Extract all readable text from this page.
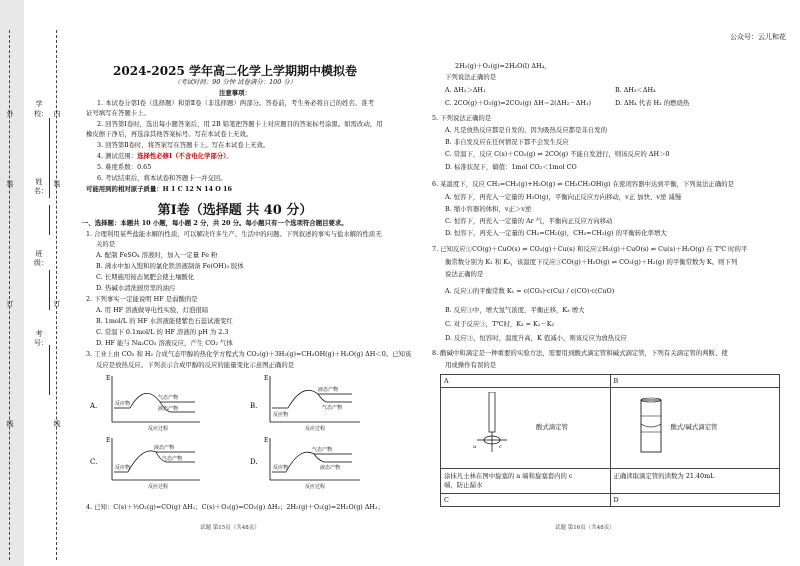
学
校：
姓名：
班级：
考号：
外
装
订
线
内
装
订
线
公众号：云儿和花
2024-2025 学年高二化学上学期期中模拟卷
（考试时间：90 分钟 试卷满分：100 分）
注意事项：
1. 本试卷分第Ⅰ卷（选择题）和第Ⅱ卷（非选择题）两部分。答卷前，考生务必将自己的姓名、准考
证号填写在答题卡上。
2. 回答第Ⅰ卷时，选出每小题答案后，用 2B 铅笔把答题卡上对应题目的答案标号涂黑。如需改动，用
橡皮擦干净后，再选涂其他答案标号。写在本试卷上无效。
3. 回答第Ⅱ卷时，将答案写在答题卡上。写在本试卷上无效。
4. 测试范围：选择性必修Ⅰ（不含电化学部分）。
5. 难度系数：0.65
6. 考试结束后，将本试卷和答题卡一并交回。
可能用到的相对原子质量：H 1 C 12 N 14 O 16
第Ⅰ卷（选择题 共 40 分）
一、选择题：本题共 10 小题，每小题 2 分，共 20 分。每小题只有一个选项符合题目要求。
1. 合理利用某些盐能水解的性质，可以解决许多生产、生活中的问题。下列叙述的事实与盐水解的性质无
关的是
A. 配制 FeSO₄ 溶液时，加入一定量 Fe 粉
B. 沸水中加入饱和的氯化铁溶液制备 Fe(OH)₃ 胶体
C. 长期施用铵态氮肥会使土壤酸化
D. 热碱水清洗厨房里的油污
2. 下列事实一定能说明 HF 是弱酸的是
A. 用 HF 溶液做导电性实验，灯泡很暗
B. 1mol/L 的 HF 水溶液能使紫色石蕊试液变红
C. 常温下 0.1mol/L 的 HF 溶液的 pH 为 2.3
D. HF 能与 Na₂CO₃ 溶液反应，产生 CO₂ 气体
3. 工业上由 CO₂ 和 H₂ 合成气态甲醇的热化学方程式为 CO₂(g)＋3H₂(g)=CH₃OH(g)＋H₂O(g) ΔH＜0。已知该
反应是放热反应。下列表示合成甲醇的反应的能量变化示意图正确的是
A.
E
反应物
气态产物
液态产物
反应过程
B.
E
反应物
液态产物
气态产物
反应过程
C.
E
反应物
液态产物
气态产物
反应过程
D.
E
反应物
气态产物
液态产物
反应过程
4. 已知：C(s)＋½O₂(g)=CO(g) ΔH₁；C(s)＋O₂(g)=CO₂(g) ΔH₂；2H₂(g)＋O₂(g)=2H₂O(g) ΔH₃；
试题 第15页（共48页）
2H₂(g)＋O₂(g)=2H₂O(l) ΔH₄，
下列说法正确的是
A. ΔH₂＞ΔH₁	B. ΔH₃＜ΔH₄
C. 2CO(g)＋O₂(g)=2CO₂(g) ΔH＝2(ΔH₂－ΔH₁)	D. ΔH₄ 代表 H₂ 的燃烧热
5. 下列说法正确的是
A. 凡是放热反应都是自发的，因为吸热反应都是非自发的
B. 非自发反应在任何情况下都不会发生反应
C. 常温下，反应 C(s)＋CO₂(g) ⇌ 2CO(g) 不能自发进行，则该反应的 ΔH＞0
D. 标准状况下，熵值：1mol CO₂＜1mol CO
6. 某温度下，反应 CH₂=CH₂(g)+H₂O(g) ⇌ CH₃CH₂OH(g) 在密闭容器中达到平衡，下列说法正确的是
A. 恒容下，再充入一定量的 H₂O(g)，平衡向正反应方向移动，v正 加快、v逆 减慢
B. 缩小容器的体积，v正＞v逆
C. 恒容下，再充入一定量的 Ar 气，平衡向正反应方向移动
D. 恒容下，再充入一定量的 CH₂=CH₂(g)，CH₂=CH₂(g) 的平衡转化率增大
7. 已知反应①CO(g)＋CuO(s) ⇌ CO₂(g)＋Cu(s) 和反应②H₂(g)＋CuO(s) ⇌ Cu(s)＋H₂O(g) 在 T℃ 时的平
衡常数分别为 K₁ 和 K₂，该温度下反应③CO(g)＋H₂O(g) ⇌ CO₂(g)＋H₂(g) 的平衡常数为 K。则下列
说法正确的是
A. 反应①的平衡常数 K₁ = c(CO₂)·c(Cu) / c(CO)·c(CuO)
B. 反应③中，增大氢气浓度，平衡正移，K₃ 增大
C. 对于反应③，T℃时，K₃ = K₁－K₂
D. 反应③，恒容时，温度升高，K 值减小，则该反应为放热反应
8. 酸碱中和滴定是一种重要的实验方法，需要用到酸式滴定管和碱式滴定管，下列有关滴定管的判断、使
用或操作有误的是
A	B

a c
酸式滴定管	酸式/碱式滴定管

涂抹凡士林在图中旋塞的 a 端和旋塞套内的 c
端，防止漏水	正确读取滴定管的读数为 21.40mL
C	D
试题 第16页（共48页）
